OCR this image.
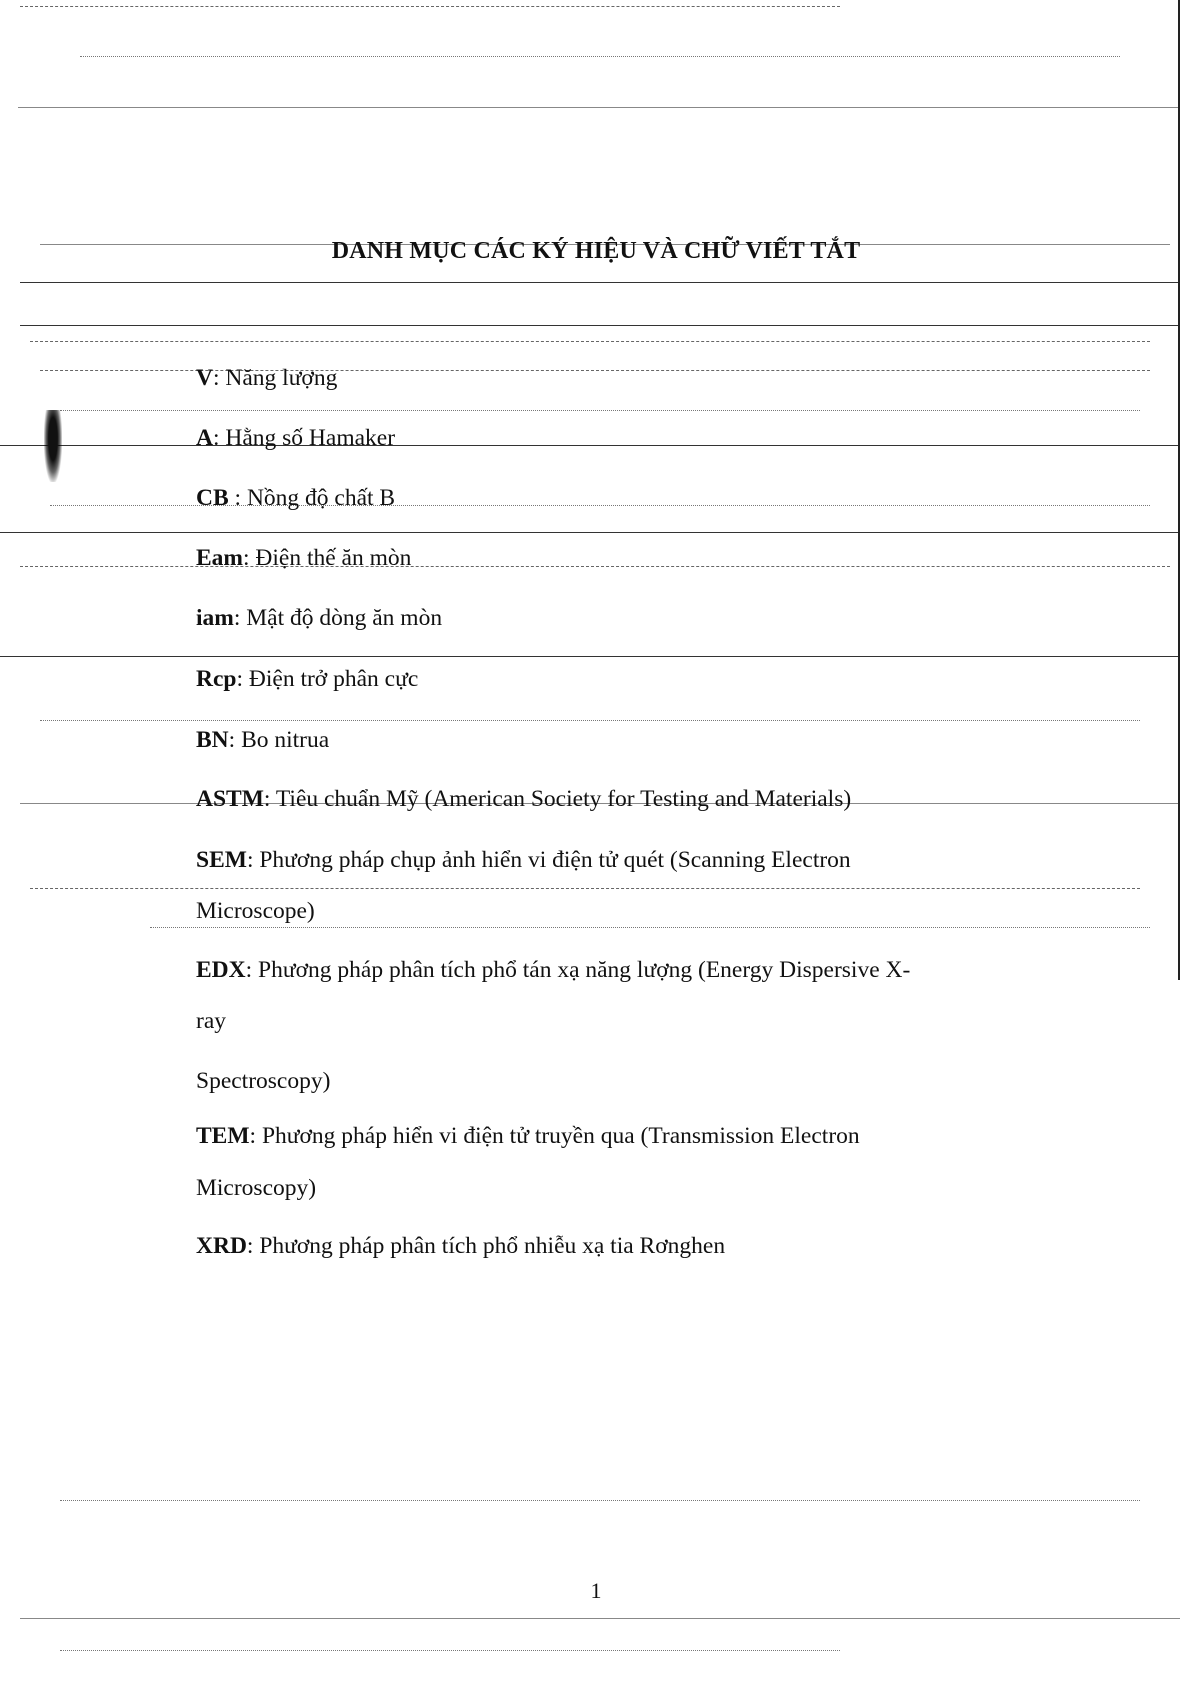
DANH MỤC CÁC KÝ HIỆU VÀ CHỮ VIẾT TẮT
V: Năng lượng
A: Hằng số Hamaker
CB : Nồng độ chất B
Eam: Điện thế ăn mòn
iam: Mật độ dòng ăn mòn
Rcp: Điện trở phân cực
BN: Bo nitrua
ASTM: Tiêu chuẩn Mỹ (American Society for Testing and Materials)
SEM: Phương pháp chụp ảnh hiển vi điện tử quét (Scanning Electron
Microscope)
EDX: Phương pháp phân tích phổ tán xạ năng lượng (Energy Dispersive X-
ray
Spectroscopy)
TEM: Phương pháp hiển vi điện tử truyền qua (Transmission Electron
Microscopy)
XRD: Phương pháp phân tích phổ nhiễu xạ tia Rơnghen
1
